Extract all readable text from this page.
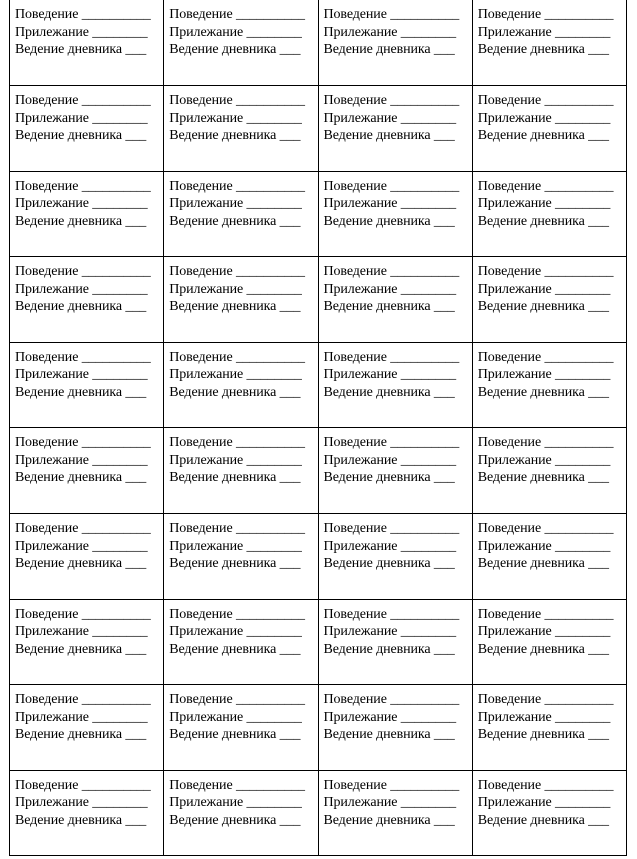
Поведение __________
Прилежание ________
Ведение дневника ___	Поведение __________
Прилежание ________
Ведение дневника ___	Поведение __________
Прилежание ________
Ведение дневника ___	Поведение __________
Прилежание ________
Ведение дневника ___

Поведение __________
Прилежание ________
Ведение дневника ___	Поведение __________
Прилежание ________
Ведение дневника ___	Поведение __________
Прилежание ________
Ведение дневника ___	Поведение __________
Прилежание ________
Ведение дневника ___

Поведение __________
Прилежание ________
Ведение дневника ___	Поведение __________
Прилежание ________
Ведение дневника ___	Поведение __________
Прилежание ________
Ведение дневника ___	Поведение __________
Прилежание ________
Ведение дневника ___

Поведение __________
Прилежание ________
Ведение дневника ___	Поведение __________
Прилежание ________
Ведение дневника ___	Поведение __________
Прилежание ________
Ведение дневника ___	Поведение __________
Прилежание ________
Ведение дневника ___

Поведение __________
Прилежание ________
Ведение дневника ___	Поведение __________
Прилежание ________
Ведение дневника ___	Поведение __________
Прилежание ________
Ведение дневника ___	Поведение __________
Прилежание ________
Ведение дневника ___

Поведение __________
Прилежание ________
Ведение дневника ___	Поведение __________
Прилежание ________
Ведение дневника ___	Поведение __________
Прилежание ________
Ведение дневника ___	Поведение __________
Прилежание ________
Ведение дневника ___

Поведение __________
Прилежание ________
Ведение дневника ___	Поведение __________
Прилежание ________
Ведение дневника ___	Поведение __________
Прилежание ________
Ведение дневника ___	Поведение __________
Прилежание ________
Ведение дневника ___

Поведение __________
Прилежание ________
Ведение дневника ___	Поведение __________
Прилежание ________
Ведение дневника ___	Поведение __________
Прилежание ________
Ведение дневника ___	Поведение __________
Прилежание ________
Ведение дневника ___

Поведение __________
Прилежание ________
Ведение дневника ___	Поведение __________
Прилежание ________
Ведение дневника ___	Поведение __________
Прилежание ________
Ведение дневника ___	Поведение __________
Прилежание ________
Ведение дневника ___

Поведение __________
Прилежание ________
Ведение дневника ___	Поведение __________
Прилежание ________
Ведение дневника ___	Поведение __________
Прилежание ________
Ведение дневника ___	Поведение __________
Прилежание ________
Ведение дневника ___
